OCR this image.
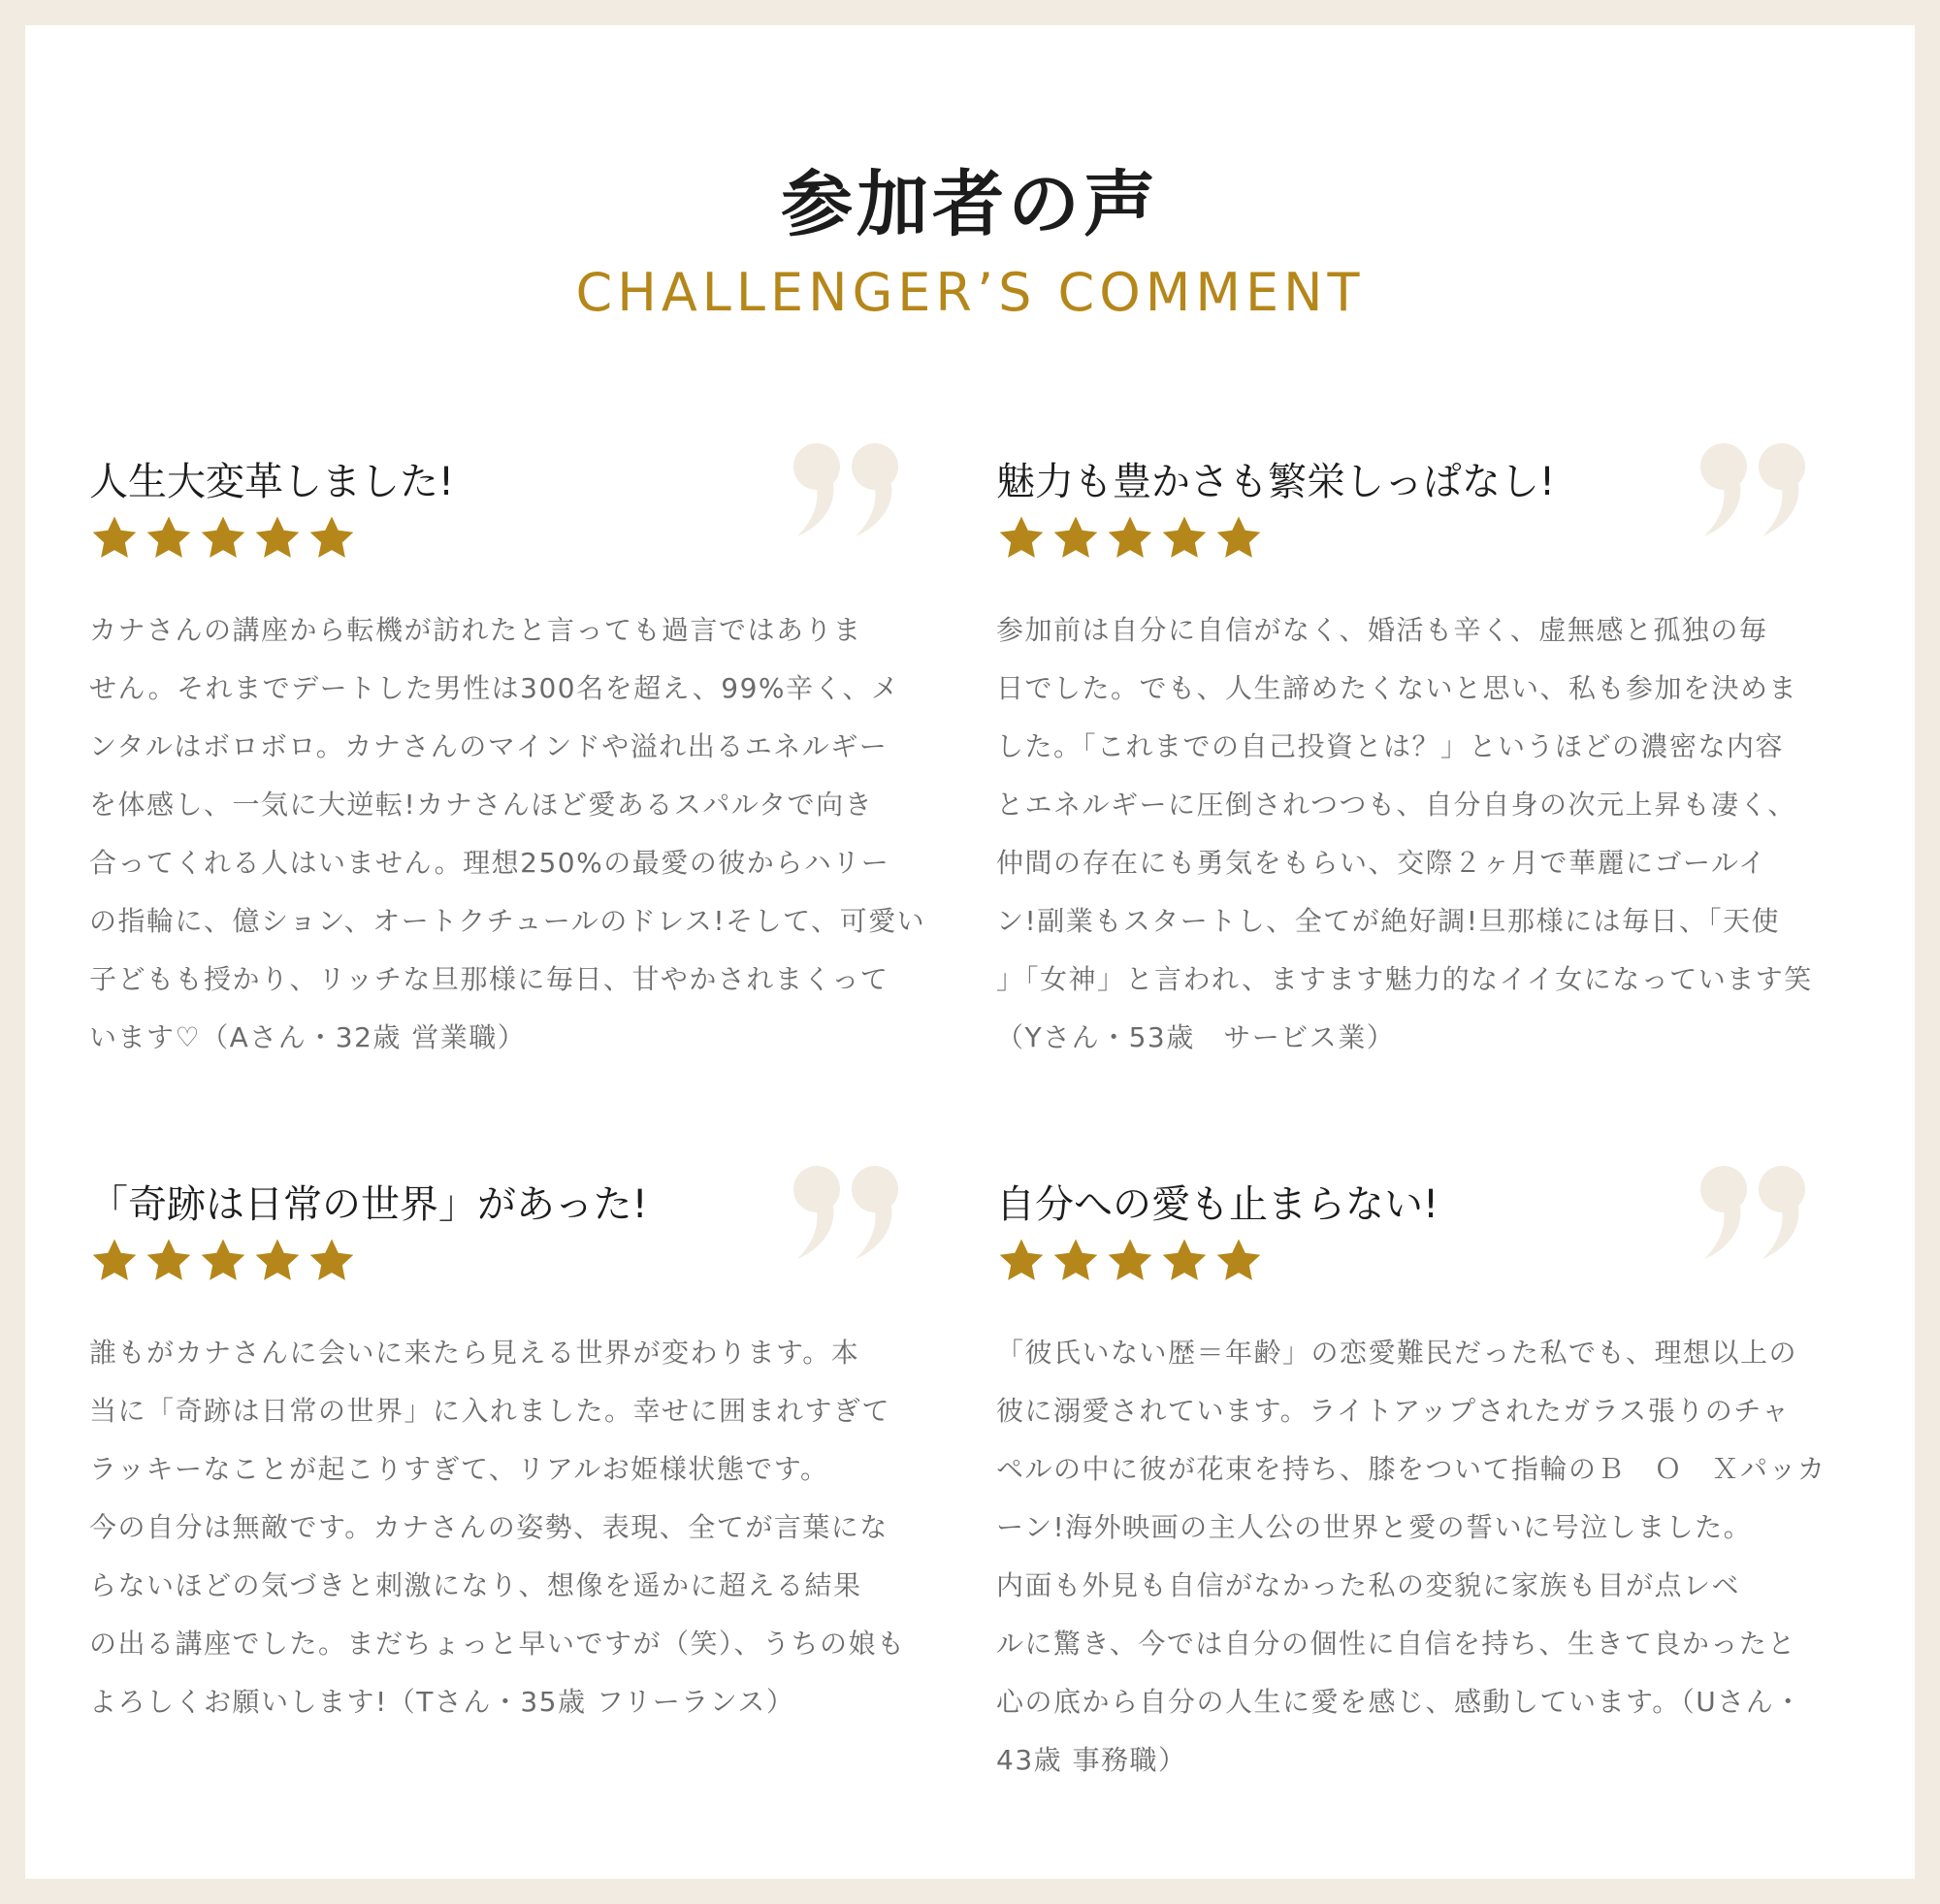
参加者の声
CHALLENGER’S COMMENT
人生大変革しました!
カナさんの講座から転機が訪れたと言っても過言ではありま
せん。それまでデートした男性は300名を超え、99%辛く、メ
ンタルはボロボロ。カナさんのマインドや溢れ出るエネルギー
を体感し、一気に大逆転!カナさんほど愛あるスパルタで向き
合ってくれる人はいません。理想250%の最愛の彼からハリー
の指輪に、億ション、オートクチュールのドレス!そして、可愛い
子どもも授かり、リッチな旦那様に毎日、甘やかされまくって
います♡（Aさん・32歳 営業職）
魅力も豊かさも繁栄しっぱなし!
参加前は自分に自信がなく、婚活も辛く、虚無感と孤独の毎
日でした。でも、人生諦めたくないと思い、私も参加を決めま
した。「これまでの自己投資とは？」というほどの濃密な内容
とエネルギーに圧倒されつつも、自分自身の次元上昇も凄く、
仲間の存在にも勇気をもらい、交際２ヶ月で華麗にゴールイ
ン!副業もスタートし、全てが絶好調!旦那様には毎日、「天使
」「女神」と言われ、ますます魅力的なイイ女になっています笑
（Yさん・53歳　サービス業）
「奇跡は日常の世界」があった!
誰もがカナさんに会いに来たら見える世界が変わります。本
当に「奇跡は日常の世界」に入れました。幸せに囲まれすぎて
ラッキーなことが起こりすぎて、リアルお姫様状態です。
今の自分は無敵です。カナさんの姿勢、表現、全てが言葉にな
らないほどの気づきと刺激になり、想像を遥かに超える結果
の出る講座でした。まだちょっと早いですが（笑）、うちの娘も
よろしくお願いします!（Tさん・35歳 フリーランス）
自分への愛も止まらない!
「彼氏いない歴＝年齢」の恋愛難民だった私でも、理想以上の
彼に溺愛されています。ライトアップされたガラス張りのチャ
ペルの中に彼が花束を持ち、膝をついて指輪のＢ　Ｏ　Ｘパッカ
ーン!海外映画の主人公の世界と愛の誓いに号泣しました。
内面も外見も自信がなかった私の変貌に家族も目が点レベ
ルに驚き、今では自分の個性に自信を持ち、生きて良かったと
心の底から自分の人生に愛を感じ、感動しています。（Uさん・
43歳 事務職）
